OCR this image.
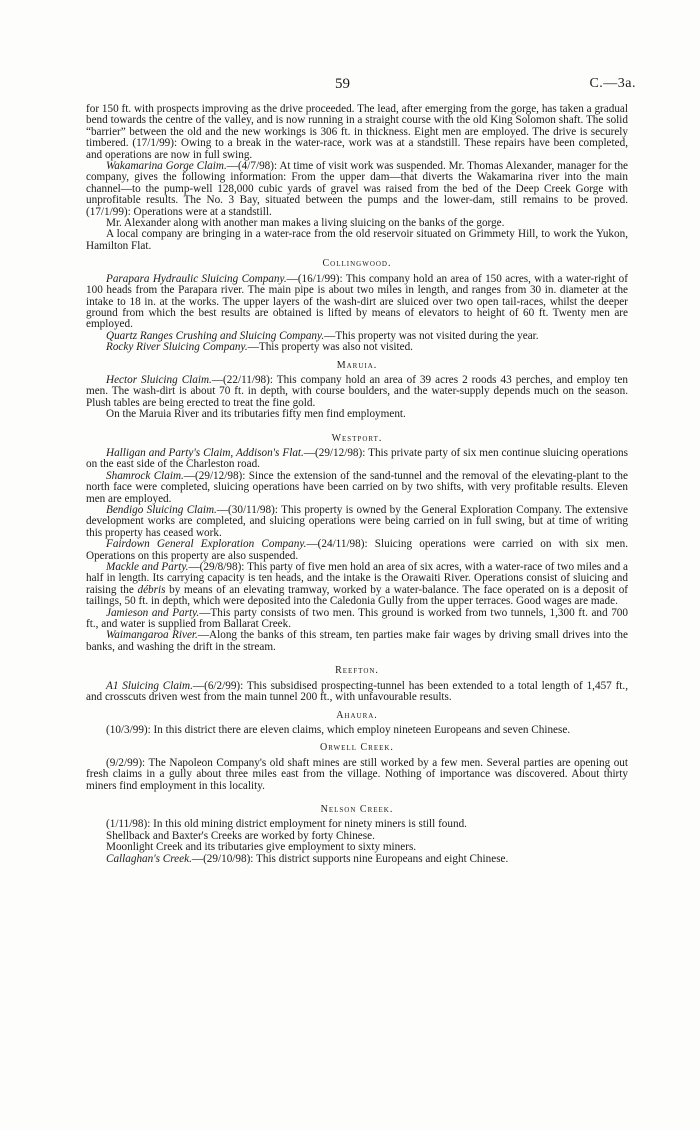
59	C.—3a.

for 150 ft. with prospects improving as the drive proceeded. The lead, after emerging from the gorge, has taken a gradual bend towards the centre of the valley, and is now running in a straight course with the old King Solomon shaft. The solid “barrier” between the old and the new workings is 306 ft. in thickness. Eight men are employed. The drive is securely timbered. (17/1/99): Owing to a break in the water-race, work was at a standstill. These repairs have been completed, and operations are now in full swing.

Wakamarina Gorge Claim.—(4/7/98): At time of visit work was suspended. Mr. Thomas Alexander, manager for the company, gives the following information: From the upper dam—that diverts the Wakamarina river into the main channel—to the pump-well 128,000 cubic yards of gravel was raised from the bed of the Deep Creek Gorge with unprofitable results. The No. 3 Bay, situated between the pumps and the lower-dam, still remains to be proved. (17/1/99): Operations were at a standstill.

Mr. Alexander along with another man makes a living sluicing on the banks of the gorge.

A local company are bringing in a water-race from the old reservoir situated on Grimmety Hill, to work the Yukon, Hamilton Flat.

Collingwood.

Parapara Hydraulic Sluicing Company.—(16/1/99): This company hold an area of 150 acres, with a water-right of 100 heads from the Parapara river. The main pipe is about two miles in length, and ranges from 30 in. diameter at the intake to 18 in. at the works. The upper layers of the wash-dirt are sluiced over two open tail-races, whilst the deeper ground from which the best results are obtained is lifted by means of elevators to height of 60 ft. Twenty men are employed.

Quartz Ranges Crushing and Sluicing Company.—This property was not visited during the year.

Rocky River Sluicing Company.—This property was also not visited.

Maruia.

Hector Sluicing Claim.—(22/11/98): This company hold an area of 39 acres 2 roods 43 perches, and employ ten men. The wash-dirt is about 70 ft. in depth, with course boulders, and the water-supply depends much on the season. Plush tables are being erected to treat the fine gold.

On the Maruia River and its tributaries fifty men find employment.

Westport.

Halligan and Party's Claim, Addison's Flat.—(29/12/98): This private party of six men continue sluicing operations on the east side of the Charleston road.

Shamrock Claim.—(29/12/98): Since the extension of the sand-tunnel and the removal of the elevating-plant to the north face were completed, sluicing operations have been carried on by two shifts, with very profitable results. Eleven men are employed.

Bendigo Sluicing Claim.—(30/11/98): This property is owned by the General Exploration Company. The extensive development works are completed, and sluicing operations were being carried on in full swing, but at time of writing this property has ceased work.

Fairdown General Exploration Company.—(24/11/98): Sluicing operations were carried on with six men. Operations on this property are also suspended.

Mackle and Party.—(29/8/98): This party of five men hold an area of six acres, with a water-race of two miles and a half in length. Its carrying capacity is ten heads, and the intake is the Orawaiti River. Operations consist of sluicing and raising the débris by means of an elevating tramway, worked by a water-balance. The face operated on is a deposit of tailings, 50 ft. in depth, which were deposited into the Caledonia Gully from the upper terraces. Good wages are made.

Jamieson and Party.—This party consists of two men. This ground is worked from two tunnels, 1,300 ft. and 700 ft., and water is supplied from Ballarat Creek.

Waimangaroa River.—Along the banks of this stream, ten parties make fair wages by driving small drives into the banks, and washing the drift in the stream.

Reefton.

A1 Sluicing Claim.—(6/2/99): This subsidised prospecting-tunnel has been extended to a total length of 1,457 ft., and crosscuts driven west from the main tunnel 200 ft., with unfavourable results.

Ahaura.

(10/3/99): In this district there are eleven claims, which employ nineteen Europeans and seven Chinese.

Orwell Creek.

(9/2/99): The Napoleon Company's old shaft mines are still worked by a few men. Several parties are opening out fresh claims in a gully about three miles east from the village. Nothing of importance was discovered. About thirty miners find employment in this locality.

Nelson Creek.

(1/11/98): In this old mining district employment for ninety miners is still found.

Shellback and Baxter's Creeks are worked by forty Chinese.

Moonlight Creek and its tributaries give employment to sixty miners.

Callaghan's Creek.—(29/10/98): This district supports nine Europeans and eight Chinese.
